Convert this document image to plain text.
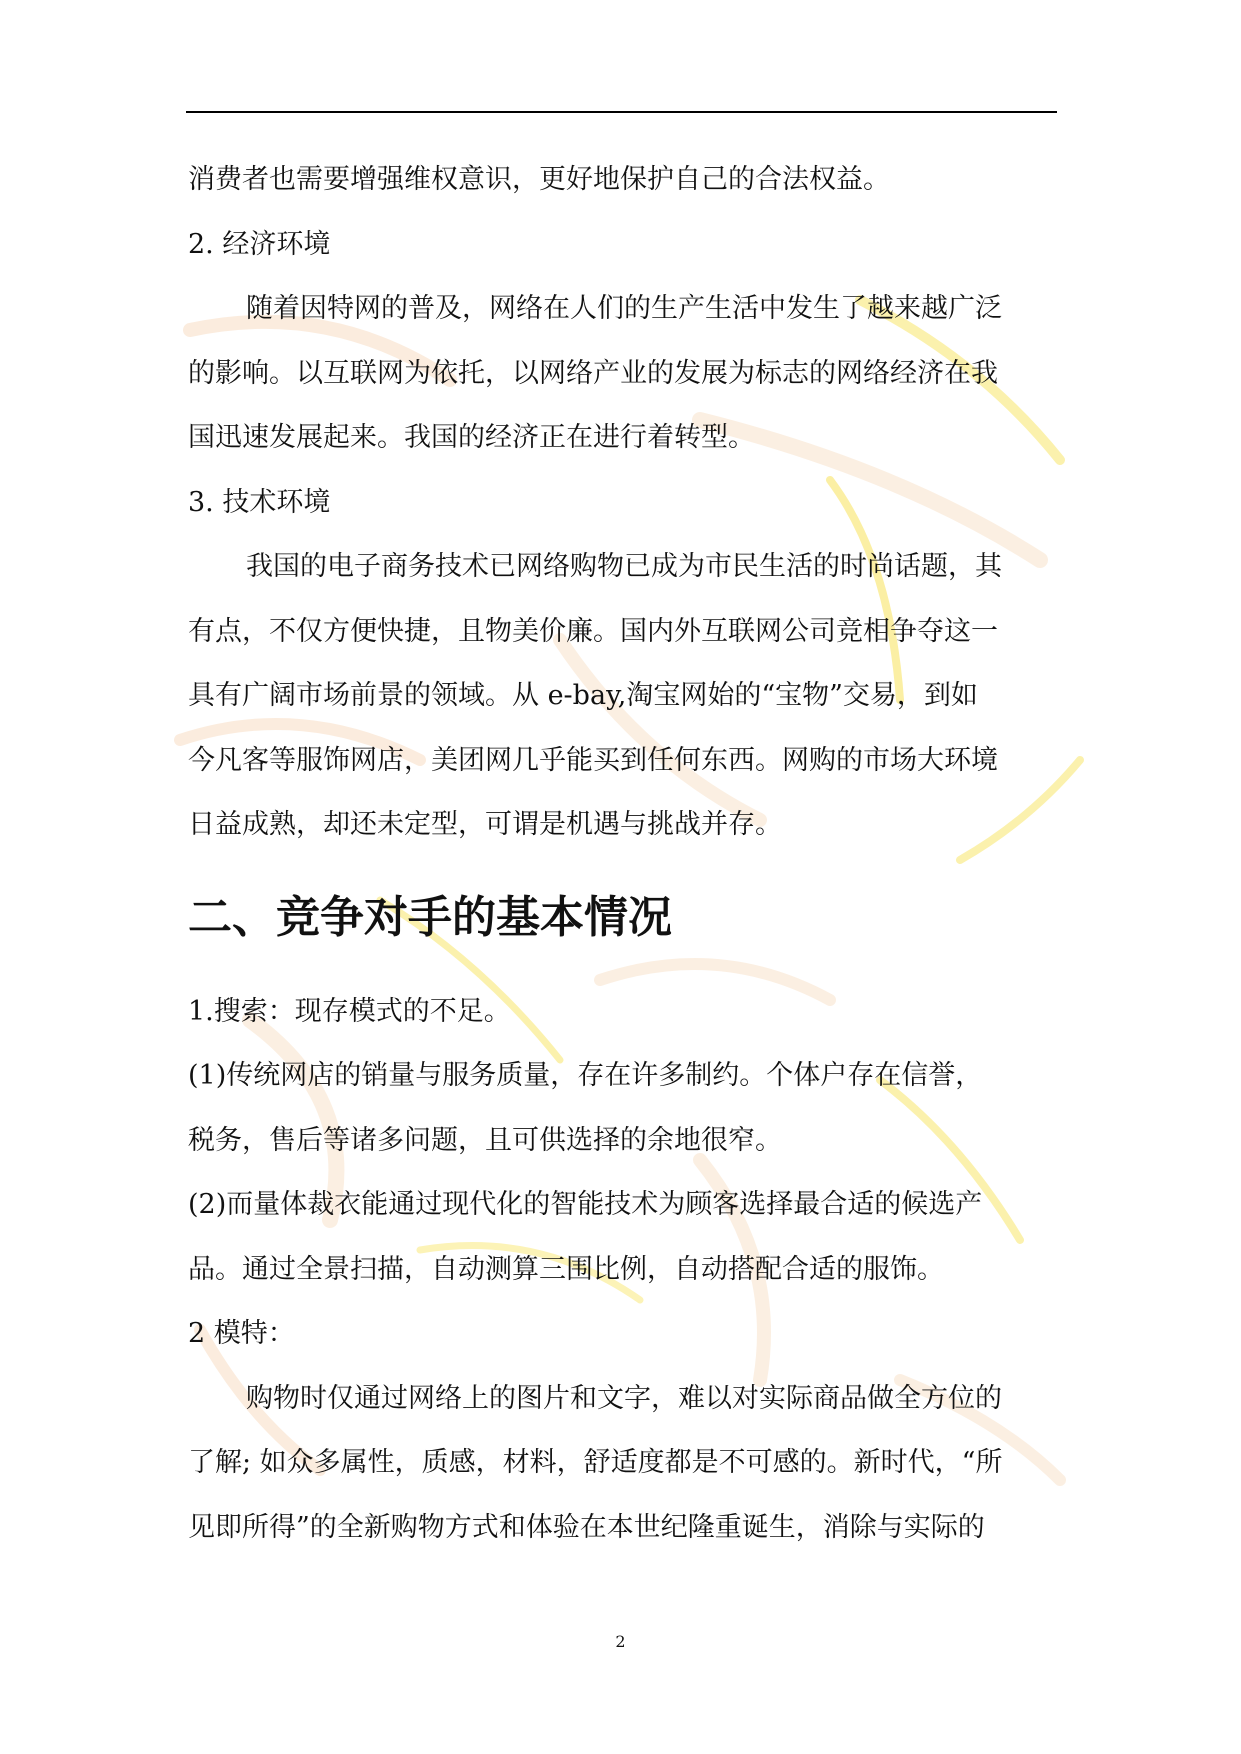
消费者也需要增强维权意识，更好地保护自己的合法权益。

2. 经济环境

随着因特网的普及，网络在人们的生产生活中发生了越来越广泛

的影响。以互联网为依托，以网络产业的发展为标志的网络经济在我

国迅速发展起来。我国的经济正在进行着转型。

3. 技术环境

我国的电子商务技术已网络购物已成为市民生活的时尚话题，其

有点，不仅方便快捷，且物美价廉。国内外互联网公司竞相争夺这一

具有广阔市场前景的领域。从 e-bay,淘宝网始的“宝物”交易，到如

今凡客等服饰网店，美团网几乎能买到任何东西。网购的市场大环境

日益成熟，却还未定型，可谓是机遇与挑战并存。

二、竞争对手的基本情况

1.搜索：现存模式的不足。

(1)传统网店的销量与服务质量，存在许多制约。个体户存在信誉，

税务，售后等诸多问题，且可供选择的余地很窄。

(2)而量体裁衣能通过现代化的智能技术为顾客选择最合适的候选产

品。通过全景扫描，自动测算三围比例，自动搭配合适的服饰。

2 模特：

购物时仅通过网络上的图片和文字，难以对实际商品做全方位的

了解; 如众多属性，质感，材料，舒适度都是不可感的。新时代，“所

见即所得”的全新购物方式和体验在本世纪隆重诞生，消除与实际的

2
